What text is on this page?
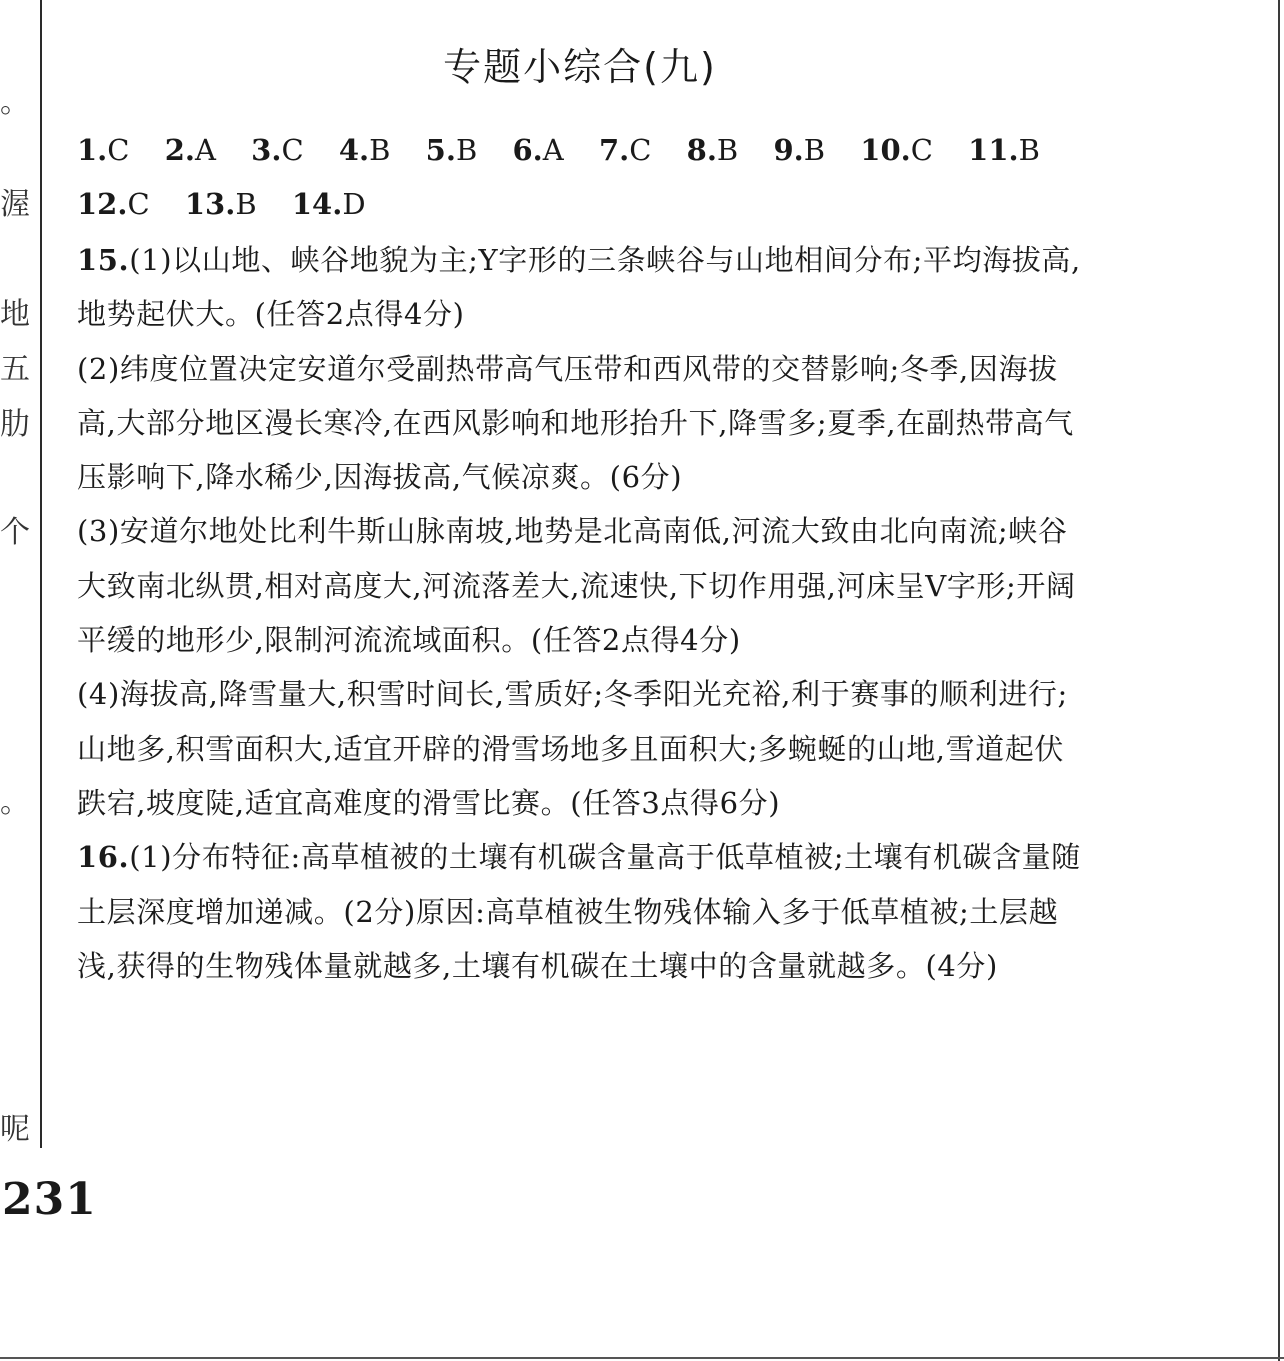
。
渥
地
五
肋
个
。
呢
专题小综合(九)
1.C 2.A 3.C 4.B 5.B 6.A 7.C 8.B 9.B 10.C 11.B
12.C 13.B 14.D

15.(1)以山地、峡谷地貌为主;Y字形的三条峡谷与山地相间分布;平均海拔高,地势起伏大。(任答2点得4分)

(2)纬度位置决定安道尔受副热带高气压带和西风带的交替影响;冬季,因海拔高,大部分地区漫长寒冷,在西风影响和地形抬升下,降雪多;夏季,在副热带高气压影响下,降水稀少,因海拔高,气候凉爽。(6分)

(3)安道尔地处比利牛斯山脉南坡,地势是北高南低,河流大致由北向南流;峡谷大致南北纵贯,相对高度大,河流落差大,流速快,下切作用强,河床呈V字形;开阔平缓的地形少,限制河流流域面积。(任答2点得4分)

(4)海拔高,降雪量大,积雪时间长,雪质好;冬季阳光充裕,利于赛事的顺利进行;山地多,积雪面积大,适宜开辟的滑雪场地多且面积大;多蜿蜒的山地,雪道起伏跌宕,坡度陡,适宜高难度的滑雪比赛。(任答3点得6分)

16.(1)分布特征:高草植被的土壤有机碳含量高于低草植被;土壤有机碳含量随土层深度增加递减。(2分)原因:高草植被生物残体输入多于低草植被;土层越浅,获得的生物残体量就越多,土壤有机碳在土壤中的含量就越多。(4分)

231
